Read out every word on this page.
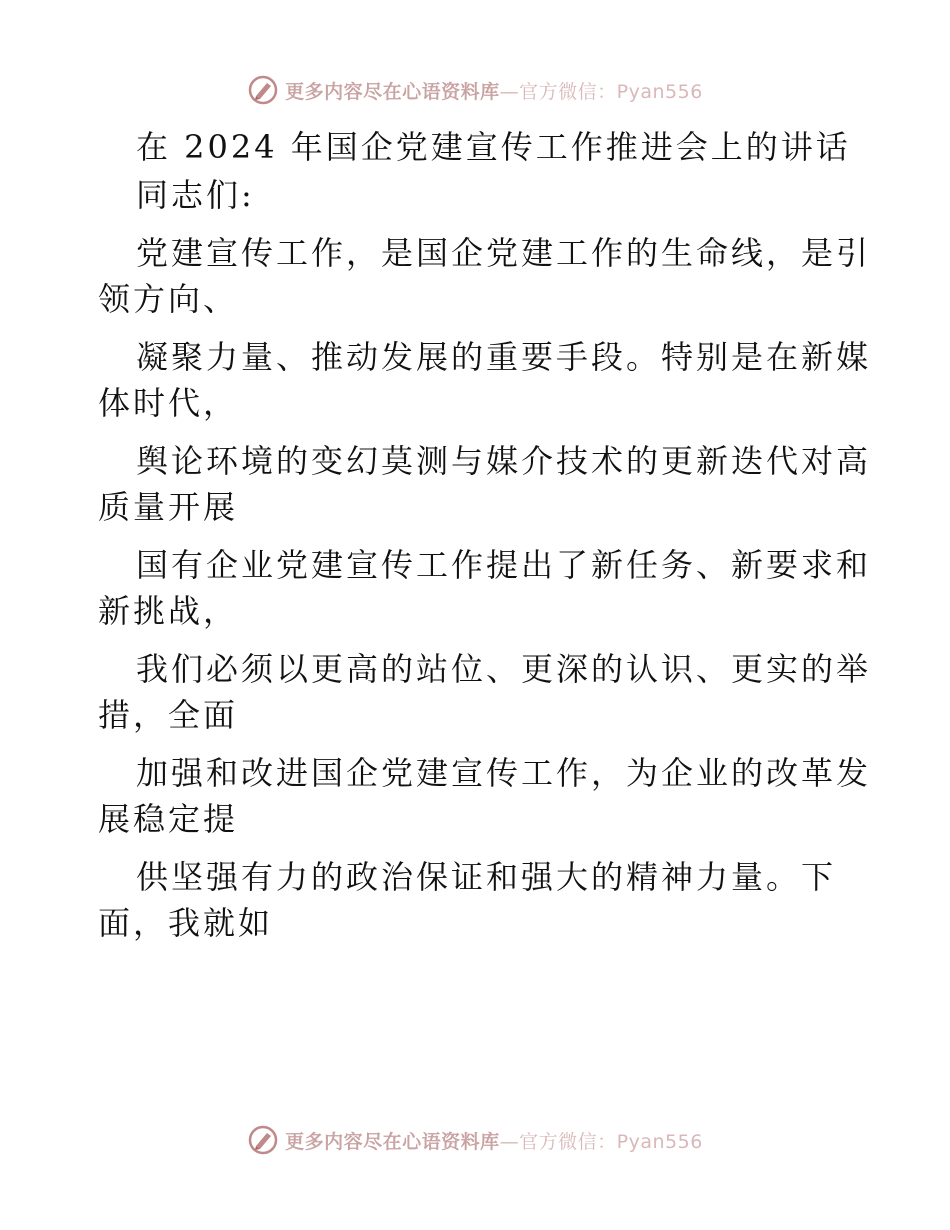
更多内容尽在心语资料库—官方微信：Pyan556
在 2024 年国企党建宣传工作推进会上的讲话
同志们:
党建宣传工作，是国企党建工作的生命线，是引
领方向、
凝聚力量、推动发展的重要手段。特别是在新媒
体时代，
舆论环境的变幻莫测与媒介技术的更新迭代对高
质量开展
国有企业党建宣传工作提出了新任务、新要求和
新挑战，
我们必须以更高的站位、更深的认识、更实的举
措，全面
加强和改进国企党建宣传工作，为企业的改革发
展稳定提
供坚强有力的政治保证和强大的精神力量。下
面，我就如
更多内容尽在心语资料库—官方微信：Pyan556
